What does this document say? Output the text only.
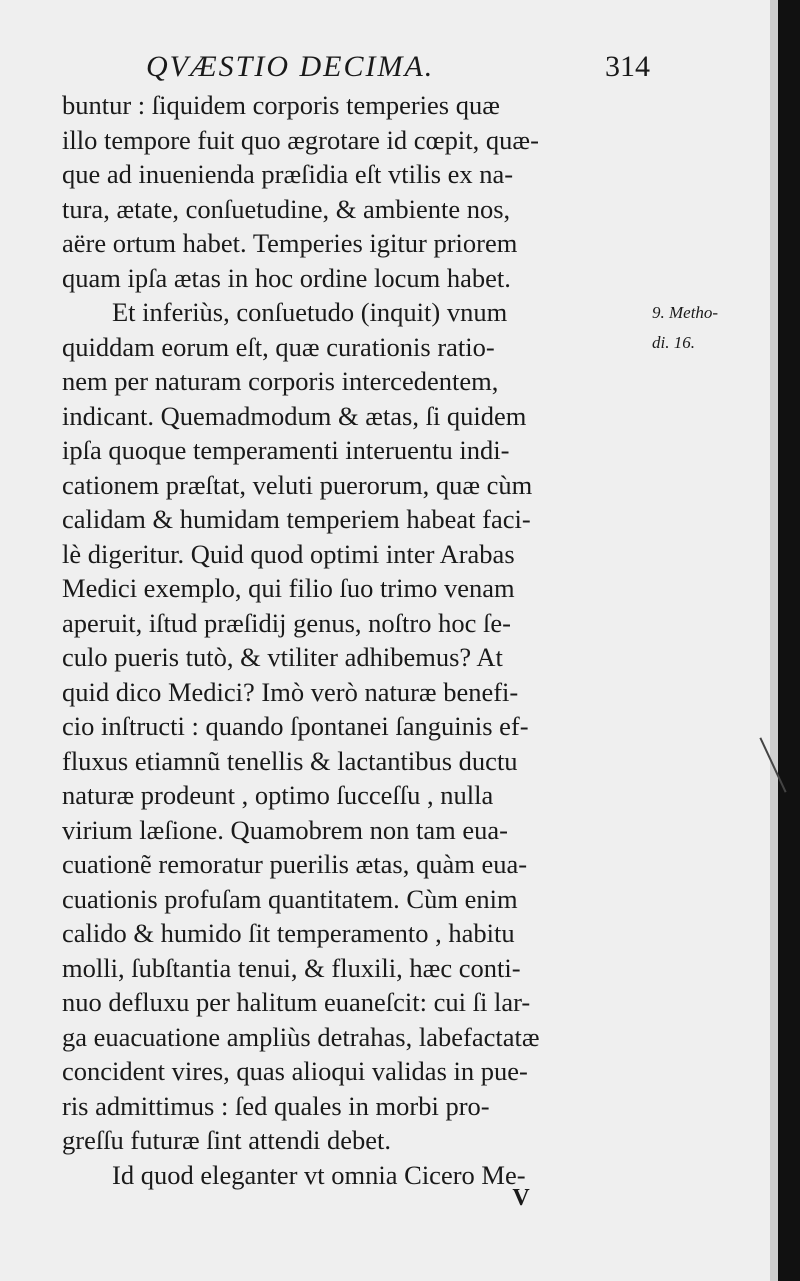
QVÆSTIO DECIMA.	314
buntur : ſiquidem corporis temperies quæ
illo tempore fuit quo ægrotare id cœpit, quæ-
que ad inuenienda præſidia eſt vtilis ex na-
tura, ætate, conſuetudine, & ambiente nos,
aëre ortum habet. Temperies igitur priorem
quam ipſa ætas in hoc ordine locum habet.
Et inferiùs, conſuetudo (inquit) vnum
quiddam eorum eſt, quæ curationis ratio-
nem per naturam corporis intercedentem,
indicant. Quemadmodum & ætas, ſi quidem
ipſa quoque temperamenti interuentu indi-
cationem præſtat, veluti puerorum, quæ cùm
calidam & humidam temperiem habeat faci-
lè digeritur. Quid quod optimi inter Arabas
Medici exemplo, qui filio ſuo trimo venam
aperuit, iſtud præſidij genus, noſtro hoc ſe-
culo pueris tutò, & vtiliter adhibemus? At
quid dico Medici? Imò verò naturæ benefi-
cio inſtructi : quando ſpontanei ſanguinis ef-
fluxus etiamnũ tenellis & lactantibus ductu
naturæ prodeunt , optimo ſucceſſu , nulla
virium læſione. Quamobrem non tam eua-
cuationẽ remoratur puerilis ætas, quàm eua-
cuationis profuſam quantitatem. Cùm enim
calido & humido ſit temperamento , habitu
molli, ſubſtantia tenui, & fluxili, hæc conti-
nuo defluxu per halitum euaneſcit: cui ſi lar-
ga euacuatione ampliùs detrahas, labefactatæ
concident vires, quas alioqui validas in pue-
ris admittimus : ſed quales in morbi pro-
greſſu futuræ ſint attendi debet.
Id quod eleganter vt omnia Cicero Me-
9. Metho-
di. 16.
V
